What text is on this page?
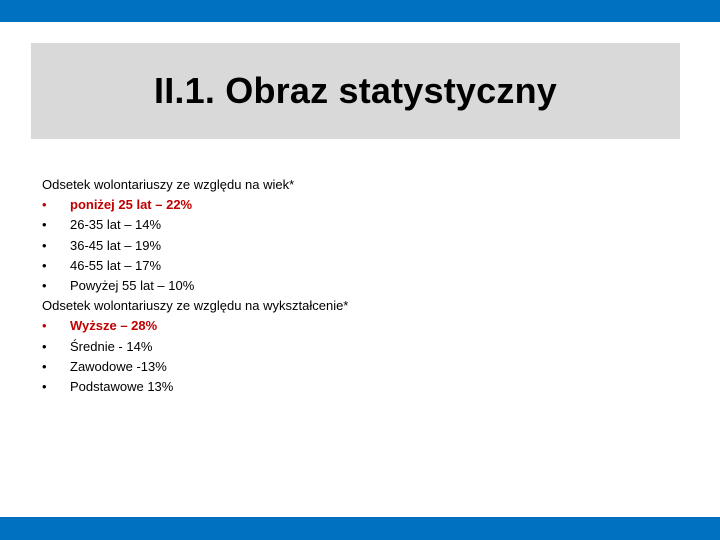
II.1. Obraz statystyczny
Odsetek wolontariuszy ze względu na wiek*
•	poniżej 25 lat – 22%
•	26-35 lat – 14%
•	36-45 lat – 19%
•	46-55 lat – 17%
•	Powyżej 55 lat – 10%
Odsetek wolontariuszy ze względu na wykształcenie*
•	Wyższe – 28%
•	Średnie - 14%
•	Zawodowe -13%
•	Podstawowe 13%
